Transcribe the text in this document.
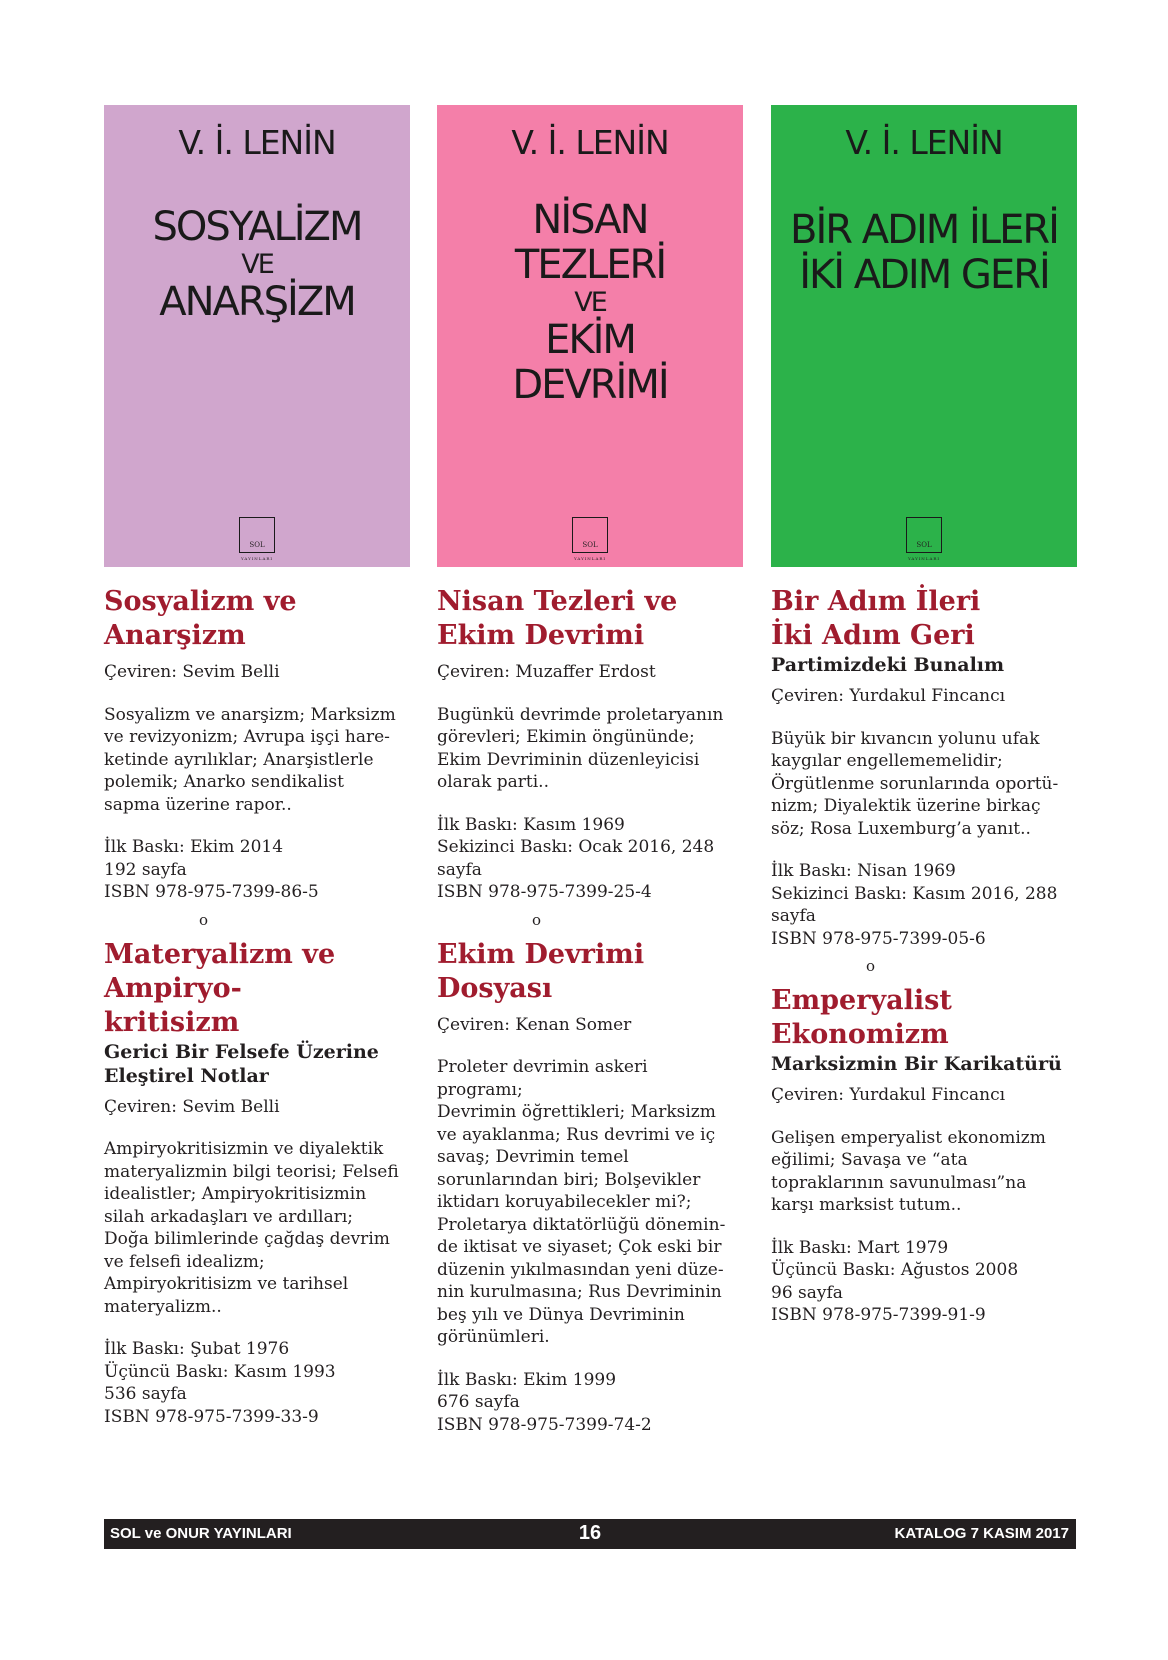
V. İ. LENİN
SOSYALİZM
VE
ANARŞİZM
SOL
YAYINLARI
Sosyalizm ve
Anarşizm
Çeviren: Sevim Belli
Sosyalizm ve anarşizm; Marksizm
ve revizyonizm; Avrupa işçi hare-
ketinde ayrılıklar; Anarşistlerle
polemik; Anarko sendikalist
sapma üzerine rapor..
İlk Baskı: Ekim 2014
192 sayfa
ISBN 978-975-7399-86-5
o
Materyalizm ve
Ampiryo-
kritisizm
Gerici Bir Felsefe Üzerine
Eleştirel Notlar
Çeviren: Sevim Belli
Ampiryokritisizmin ve diyalektik
materyalizmin bilgi teorisi; Felsefi
idealistler; Ampiryokritisizmin
silah arkadaşları ve ardılları;
Doğa bilimlerinde çağdaş devrim
ve felsefi idealizm;
Ampiryokritisizm ve tarihsel
materyalizm..
İlk Baskı: Şubat 1976
Üçüncü Baskı: Kasım 1993
536 sayfa
ISBN 978-975-7399-33-9
V. İ. LENİN
NİSAN
TEZLERİ
VE
EKİM
DEVRİMİ
SOL
YAYINLARI
Nisan Tezleri ve
Ekim Devrimi
Çeviren: Muzaffer Erdost
Bugünkü devrimde proletaryanın
görevleri; Ekimin öngününde;
Ekim Devriminin düzenleyicisi
olarak parti..
İlk Baskı: Kasım 1969
Sekizinci Baskı: Ocak 2016, 248
sayfa
ISBN 978-975-7399-25-4
o
Ekim Devrimi
Dosyası
Çeviren: Kenan Somer
Proleter devrimin askeri programı;
Devrimin öğrettikleri; Marksizm
ve ayaklanma; Rus devrimi ve iç
savaş; Devrimin temel
sorunlarından biri; Bolşevikler
iktidarı koruyabilecekler mi?;
Proletarya diktatörlüğü dönemin-
de iktisat ve siyaset; Çok eski bir
düzenin yıkılmasından yeni düze-
nin kurulmasına; Rus Devriminin
beş yılı ve Dünya Devriminin
görünümleri.
İlk Baskı: Ekim 1999
676 sayfa
ISBN 978-975-7399-74-2
V. İ. LENİN
BİR ADIM İLERİ
İKİ ADIM GERİ
SOL
YAYINLARI
Bir Adım İleri
İki Adım Geri
Partimizdeki Bunalım
Çeviren: Yurdakul Fincancı
Büyük bir kıvancın yolunu ufak
kaygılar engellememelidir;
Örgütlenme sorunlarında oportü-
nizm; Diyalektik üzerine birkaç
söz; Rosa Luxemburg’a yanıt..
İlk Baskı: Nisan 1969
Sekizinci Baskı: Kasım 2016, 288
sayfa
ISBN 978-975-7399-05-6
o
Emperyalist
Ekonomizm
Marksizmin Bir Karikatürü
Çeviren: Yurdakul Fincancı
Gelişen emperyalist ekonomizm
eğilimi; Savaşa ve “ata
topraklarının savunulması”na
karşı marksist tutum..
İlk Baskı: Mart 1979
Üçüncü Baskı: Ağustos 2008
96 sayfa
ISBN 978-975-7399-91-9
SOL ve ONUR YAYINLARI	16	KATALOG 7 KASIM 2017
